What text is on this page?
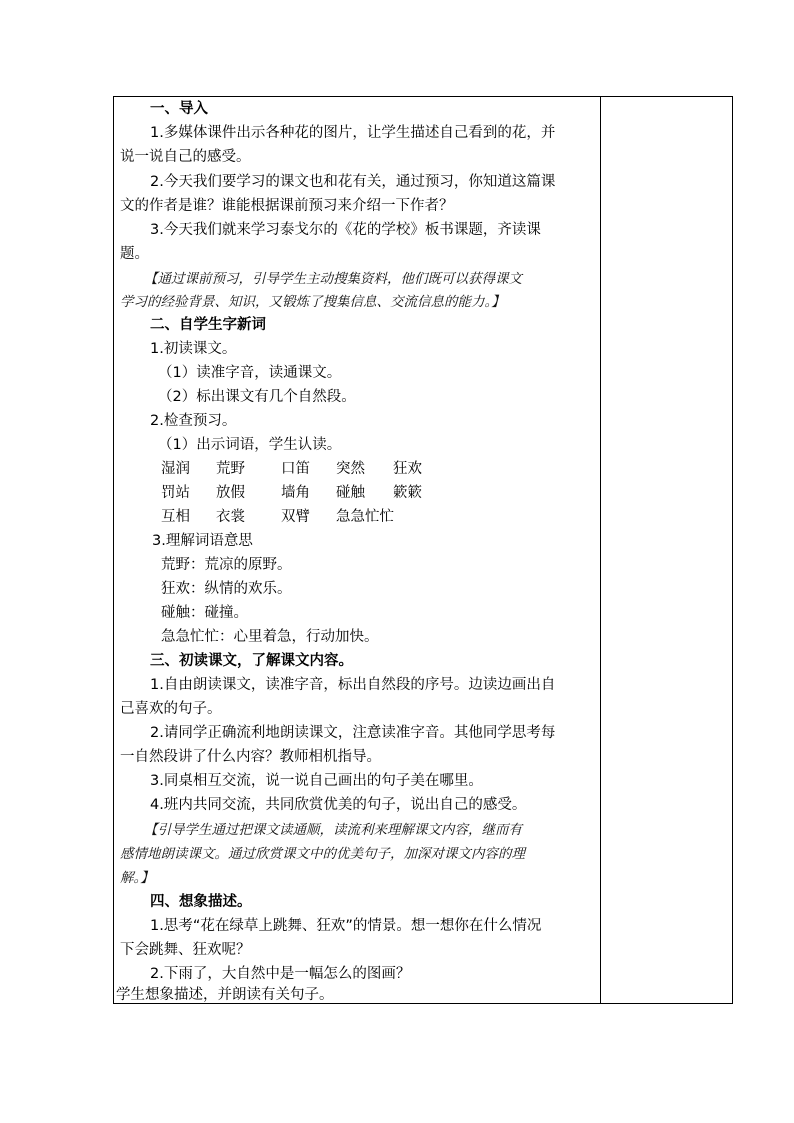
一、导入
1.多媒体课件出示各种花的图片，让学生描述自己看到的花，并
说一说自己的感受。
2.今天我们要学习的课文也和花有关，通过预习，你知道这篇课
文的作者是谁？谁能根据课前预习来介绍一下作者？
3.今天我们就来学习泰戈尔的《花的学校》板书课题，齐读课
题。
【通过课前预习，引导学生主动搜集资料，他们既可以获得课文
学习的经验背景、知识，又锻炼了搜集信息、交流信息的能力。】
二、自学生字新词
1.初读课文。
（1）读准字音，读通课文。
（2）标出课文有几个自然段。
2.检查预习。
（1）出示词语，学生认读。
湿润 荒野 口笛 突然 狂欢
罚站 放假 墙角 碰触 簌簌
互相 衣裳 双臂 急急忙忙
3.理解词语意思
荒野：荒凉的原野。
狂欢：纵情的欢乐。
碰触：碰撞。
急急忙忙：心里着急，行动加快。
三、初读课文，了解课文内容。
1.自由朗读课文，读准字音，标出自然段的序号。边读边画出自
己喜欢的句子。
2.请同学正确流利地朗读课文，注意读准字音。其他同学思考每
一自然段讲了什么内容？教师相机指导。
3.同桌相互交流，说一说自己画出的句子美在哪里。
4.班内共同交流，共同欣赏优美的句子，说出自己的感受。
【引导学生通过把课文读通顺，读流利来理解课文内容，继而有
感情地朗读课文。通过欣赏课文中的优美句子，加深对课文内容的理
解。】
四、想象描述。
1.思考“花在绿草上跳舞、狂欢”的情景。想一想你在什么情况
下会跳舞、狂欢呢？
2.下雨了，大自然中是一幅怎么的图画？
学生想象描述，并朗读有关句子。
